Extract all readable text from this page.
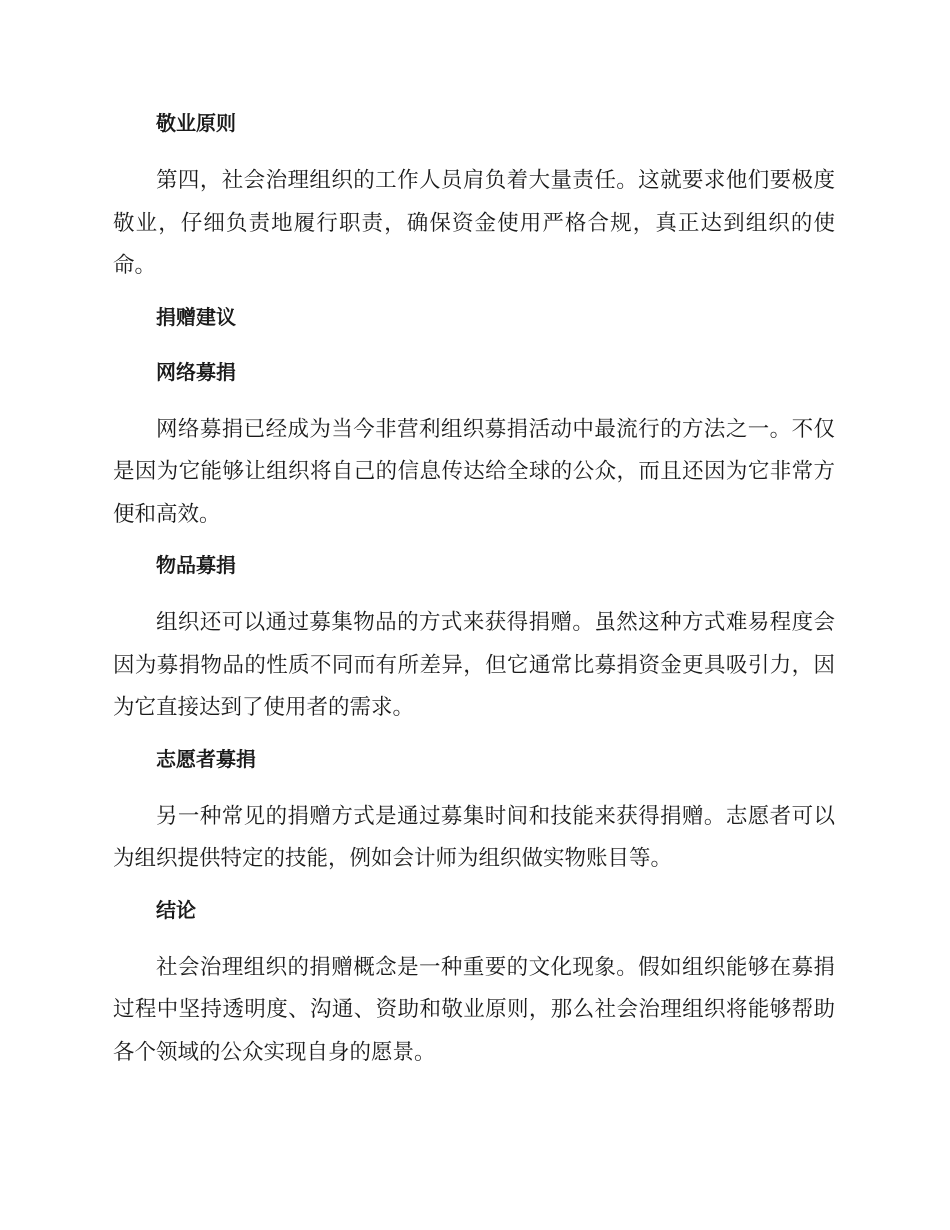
敬业原则

第四，社会治理组织的工作人员肩负着大量责任。这就要求他们要极度敬业，仔细负责地履行职责，确保资金使用严格合规，真正达到组织的使命。

捐赠建议
网络募捐

网络募捐已经成为当今非营利组织募捐活动中最流行的方法之一。不仅是因为它能够让组织将自己的信息传达给全球的公众，而且还因为它非常方便和高效。

物品募捐

组织还可以通过募集物品的方式来获得捐赠。虽然这种方式难易程度会因为募捐物品的性质不同而有所差异，但它通常比募捐资金更具吸引力，因为它直接达到了使用者的需求。

志愿者募捐

另一种常见的捐赠方式是通过募集时间和技能来获得捐赠。志愿者可以为组织提供特定的技能，例如会计师为组织做实物账目等。

结论

社会治理组织的捐赠概念是一种重要的文化现象。假如组织能够在募捐过程中坚持透明度、沟通、资助和敬业原则，那么社会治理组织将能够帮助各个领域的公众实现自身的愿景。
